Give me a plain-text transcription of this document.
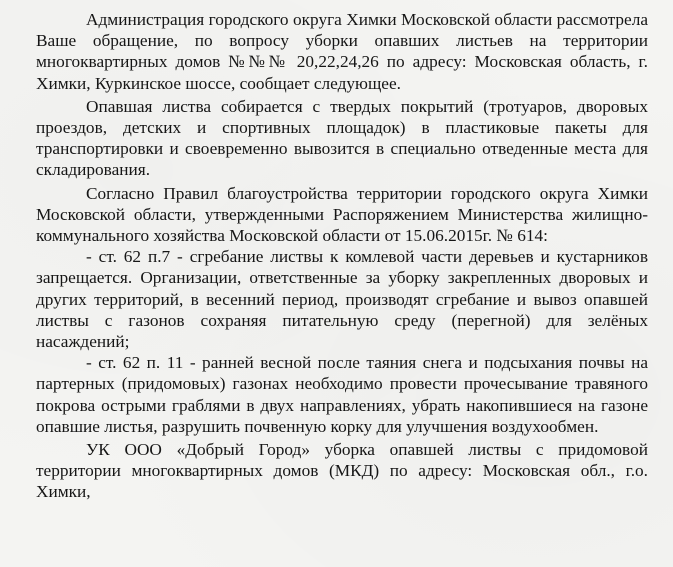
Администрация городского округа Химки Московской области рассмотрела Ваше обращение, по вопросу уборки опавших листьев на территории многоквартирных домов №№№ 20,22,24,26 по адресу: Московская область, г. Химки, Куркинское шоссе, сообщает следующее.

Опавшая листва собирается с твердых покрытий (тротуаров, дворовых проездов, детских и спортивных площадок) в пластиковые пакеты для транспортировки и своевременно вывозится в специально отведенные места для складирования.

Согласно Правил благоустройства территории городского округа Химки Московской области, утвержденными Распоряжением Министерства жилищно-коммунального хозяйства Московской области от 15.06.2015г. № 614:

- ст. 62 п.7 - сгребание листвы к комлевой части деревьев и кустарников запрещается. Организации, ответственные за уборку закрепленных дворовых и других территорий, в весенний период, производят сгребание и вывоз опавшей листвы с газонов сохраняя питательную среду (перегной) для зелёных насаждений;

- ст. 62 п. 11 - ранней весной после таяния снега и подсыхания почвы на партерных (придомовых) газонах необходимо провести прочесывание травяного покрова острыми граблями в двух направлениях, убрать накопившиеся на газоне опавшие листья, разрушить почвенную корку для улучшения воздухообмен.

УК ООО «Добрый Город» уборка опавшей листвы с придомовой территории многоквартирных домов (МКД) по адресу: Московская обл., г.о. Химки,
